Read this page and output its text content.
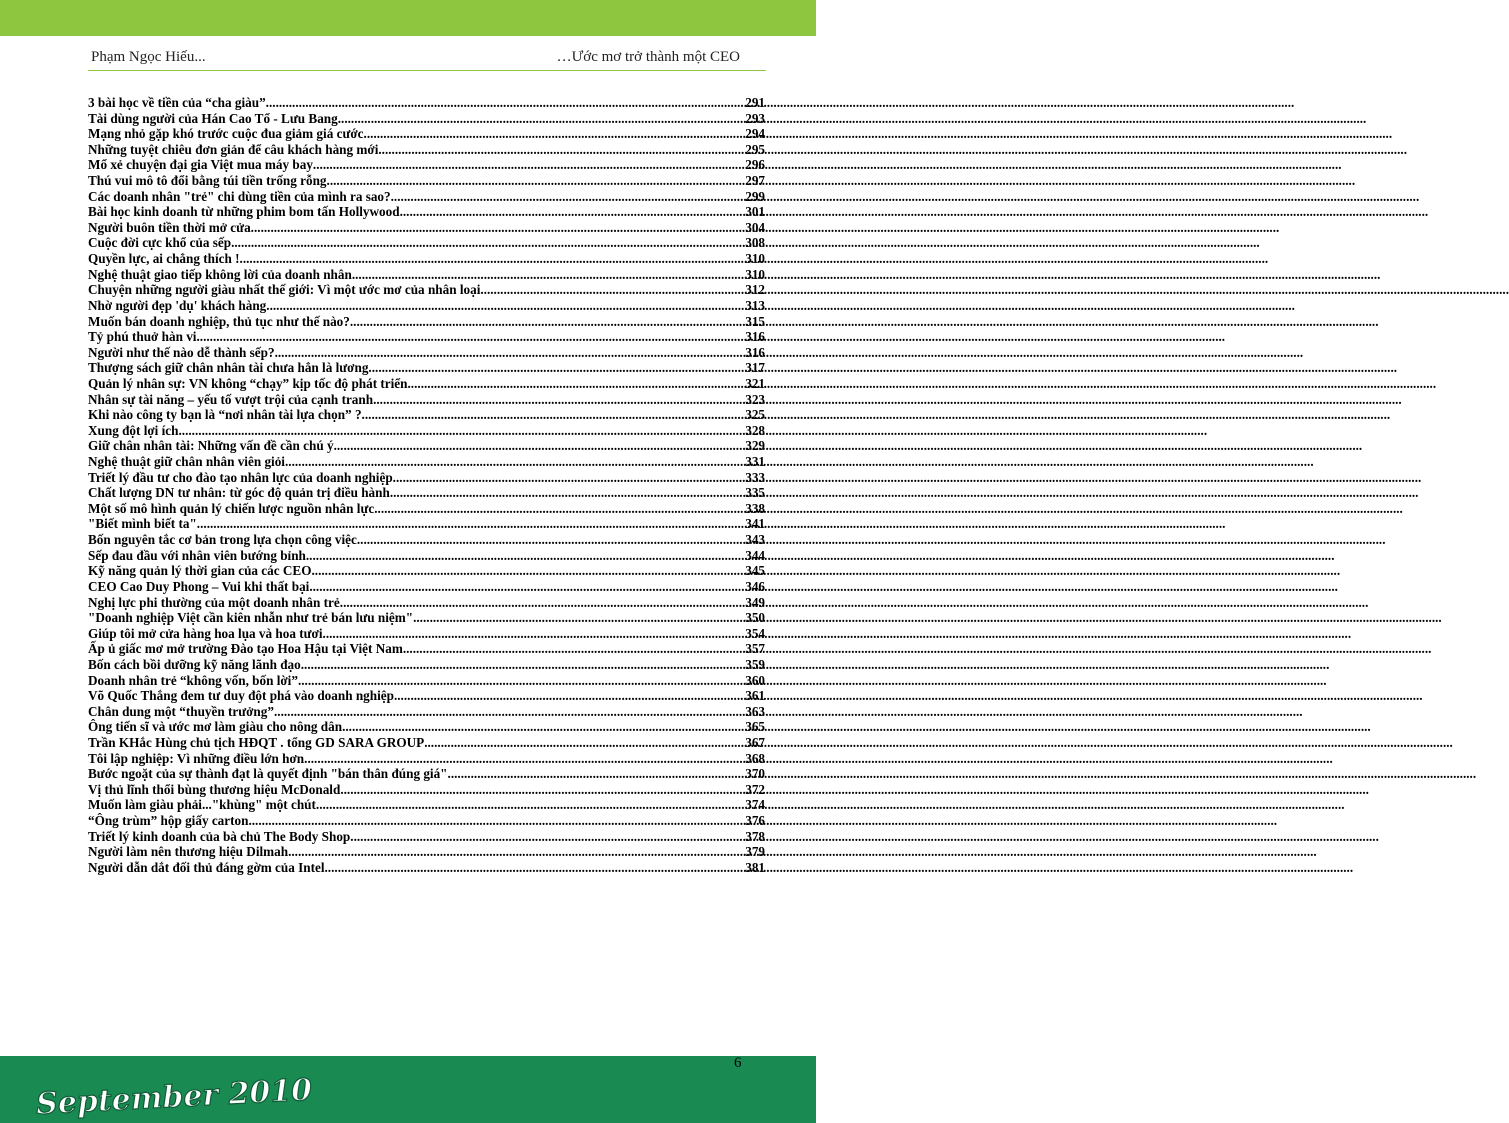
Phạm Ngọc Hiếu...	…Ước mơ trở thành một CEO
3 bài học về tiền của “cha giàu” .....	291
Tài dùng người của Hán Cao Tổ - Lưu Bang .....	293
Mạng nhỏ gặp khó trước cuộc đua giảm giá cước .....	294
Những tuyệt chiêu đơn giản để câu khách hàng mới .....	295
Mổ xẻ chuyện đại gia Việt mua máy bay .....	296
Thú vui mô tô đổi bằng túi tiền trống rỗng .....	297
Các doanh nhân "trẻ" chi dùng tiền của mình ra sao? .....	299
Bài học kinh doanh từ những phim bom tấn Hollywood .....	301
Người buôn tiền thời mở cửa .....	304
Cuộc đời cực khổ của sếp .....	308
Quyền lực, ai chẳng thích ! .....	310
Nghệ thuật giao tiếp không lời của doanh nhân .....	310
Chuyện những người giàu nhất thế giới: Vì một ước mơ của nhân loại .....	312
Nhờ người đẹp 'dụ' khách hàng .....	313
Muốn bán doanh nghiệp, thủ tục như thế nào? .....	315
Tỷ phú thuở hàn vi .....	316
Người như thế nào dễ thành sếp? .....	316
Thượng sách giữ chân nhân tài chưa hẳn là lương .....	317
Quản lý nhân sự: VN không “chạy” kịp tốc độ phát triển .....	321
Nhân sự tài năng – yếu tố vượt trội của cạnh tranh .....	323
Khi nào công ty bạn là “nơi nhân tài lựa chọn” ? .....	325
Xung đột lợi ích .....	328
Giữ chân nhân tài: Những vấn đề cần chú ý .....	329
Nghệ thuật giữ chân nhân viên giỏi .....	331
Triết lý đầu tư cho đào tạo nhân lực của doanh nghiệp .....	333
Chất lượng DN tư nhân: từ góc độ quản trị điều hành .....	335
Một số mô hình quản lý chiến lược nguồn nhân lực .....	338
"Biết mình biết ta" .....	341
Bốn nguyên tắc cơ bản trong lựa chọn công việc .....	343
Sếp đau đầu với nhân viên bướng bỉnh .....	344
Kỹ năng quản lý thời gian của các CEO .....	345
CEO Cao Duy Phong – Vui khi thất bại .....	346
Nghị lực phi thường của một doanh nhân trẻ .....	349
"Doanh nghiệp Việt cần kiên nhẫn như trẻ bán lưu niệm" .....	350
Giúp tôi mở cửa hàng hoa lụa và hoa tươi .....	354
Ấp ủ giấc mơ mở trường Đào tạo Hoa Hậu tại Việt Nam .....	357
Bốn cách bồi dưỡng kỹ năng lãnh đạo .....	359
Doanh nhân trẻ “không vốn, bốn lời” .....	360
Võ Quốc Thắng đem tư duy đột phá vào doanh nghiệp .....	361
Chân dung một “thuyền trưởng” .....	363
Ông tiến sĩ và ước mơ làm giàu cho nông dân .....	365
Trần KHắc Hùng chủ tịch HĐQT . tổng GD SARA GROUP .....	367
Tôi lập nghiệp: Vì những điều lớn hơn .....	368
Bước ngoặt của sự thành đạt là quyết định "bán thân đúng giá" .....	370
Vị thủ lĩnh thổi bùng thương hiệu McDonald .....	372
Muốn làm giàu phải..."khùng" một chút .....	374
“Ông trùm” hộp giấy carton .....	376
Triết lý kinh doanh của bà chủ The Body Shop .....	378
Người làm nên thương hiệu Dilmah .....	379
Người dẫn dắt đối thủ đáng gờm của Intel .....	381
September 2010
6
